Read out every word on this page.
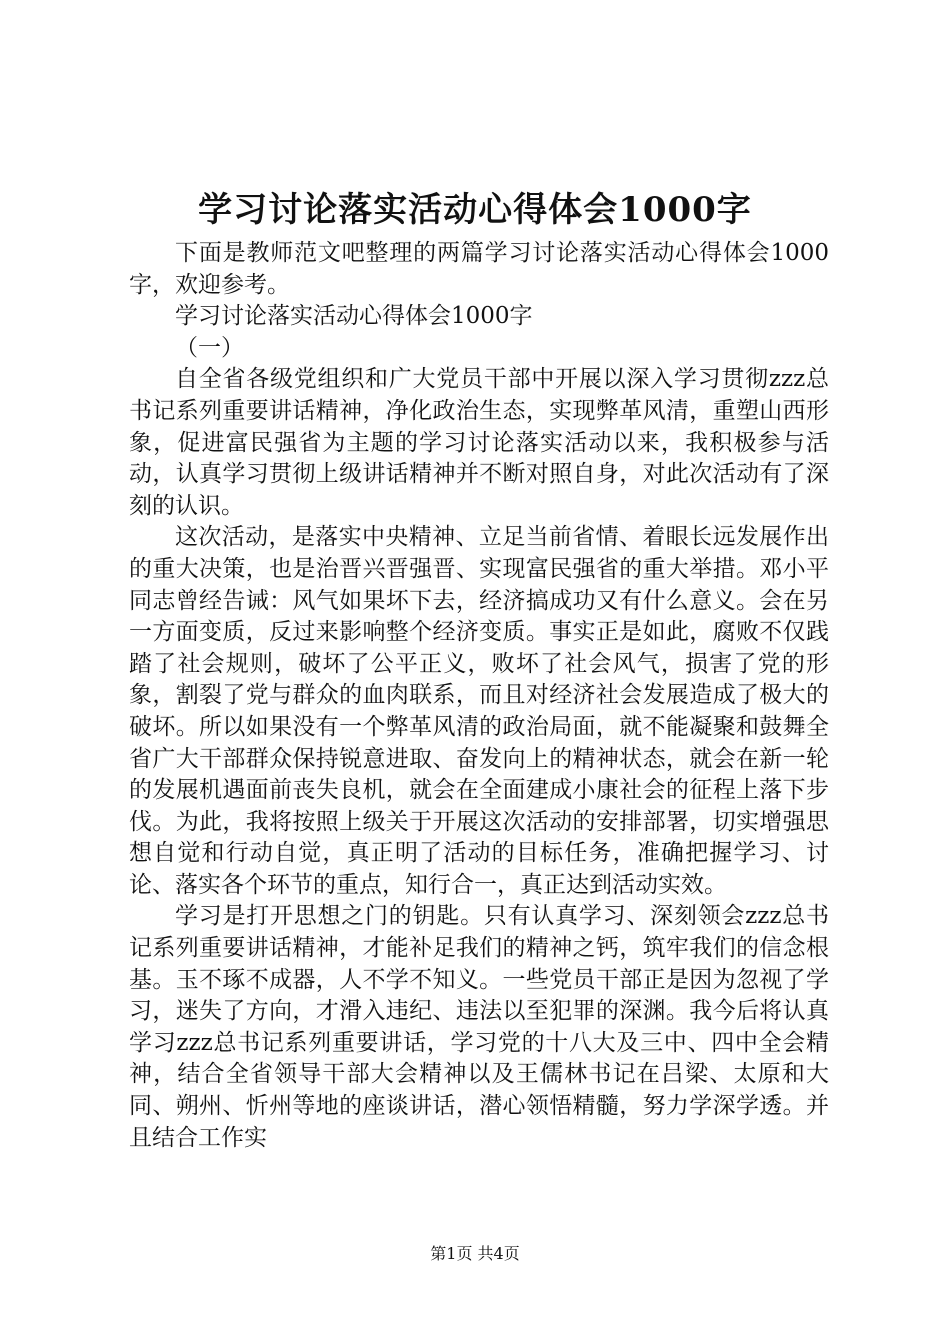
学习讨论落实活动心得体会1000字

下面是教师范文吧整理的两篇学习讨论落实活动心得体会1000字，欢迎参考。

学习讨论落实活动心得体会1000字

（一）

自全省各级党组织和广大党员干部中开展以深入学习贯彻zzz总书记系列重要讲话精神，净化政治生态，实现弊革风清，重塑山西形象，促进富民强省为主题的学习讨论落实活动以来，我积极参与活动，认真学习贯彻上级讲话精神并不断对照自身，对此次活动有了深刻的认识。

这次活动，是落实中央精神、立足当前省情、着眼长远发展作出的重大决策，也是治晋兴晋强晋、实现富民强省的重大举措。邓小平同志曾经告诫：风气如果坏下去，经济搞成功又有什么意义。会在另一方面变质，反过来影响整个经济变质。事实正是如此，腐败不仅践踏了社会规则，破坏了公平正义，败坏了社会风气，损害了党的形象，割裂了党与群众的血肉联系，而且对经济社会发展造成了极大的破坏。所以如果没有一个弊革风清的政治局面，就不能凝聚和鼓舞全省广大干部群众保持锐意进取、奋发向上的精神状态，就会在新一轮的发展机遇面前丧失良机，就会在全面建成小康社会的征程上落下步伐。为此，我将按照上级关于开展这次活动的安排部署，切实增强思想自觉和行动自觉，真正明了活动的目标任务，准确把握学习、讨论、落实各个环节的重点，知行合一，真正达到活动实效。

学习是打开思想之门的钥匙。只有认真学习、深刻领会zzz总书记系列重要讲话精神，才能补足我们的精神之钙，筑牢我们的信念根基。玉不琢不成器，人不学不知义。一些党员干部正是因为忽视了学习，迷失了方向，才滑入违纪、违法以至犯罪的深渊。我今后将认真学习zzz总书记系列重要讲话，学习党的十八大及三中、四中全会精神，结合全省领导干部大会精神以及王儒林书记在吕梁、太原和大同、朔州、忻州等地的座谈讲话，潜心领悟精髓，努力学深学透。并且结合工作实

第1页 共4页
